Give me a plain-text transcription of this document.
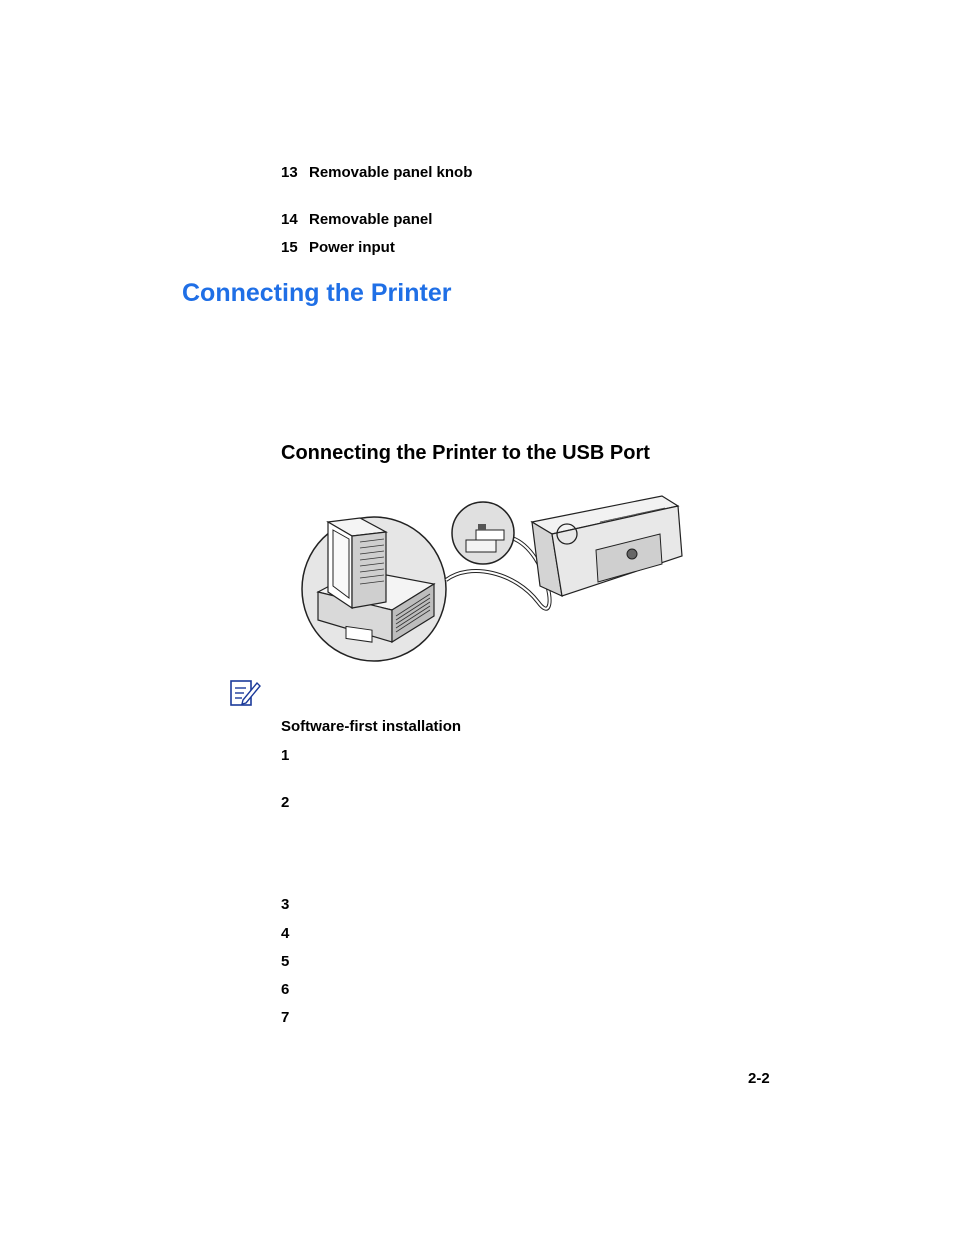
13 Removable panel knob
14 Removable panel
15 Power input
Connecting the Printer
Connecting the Printer to the USB Port
Software-first installation
1
2
3
4
5
6
7
2-2
